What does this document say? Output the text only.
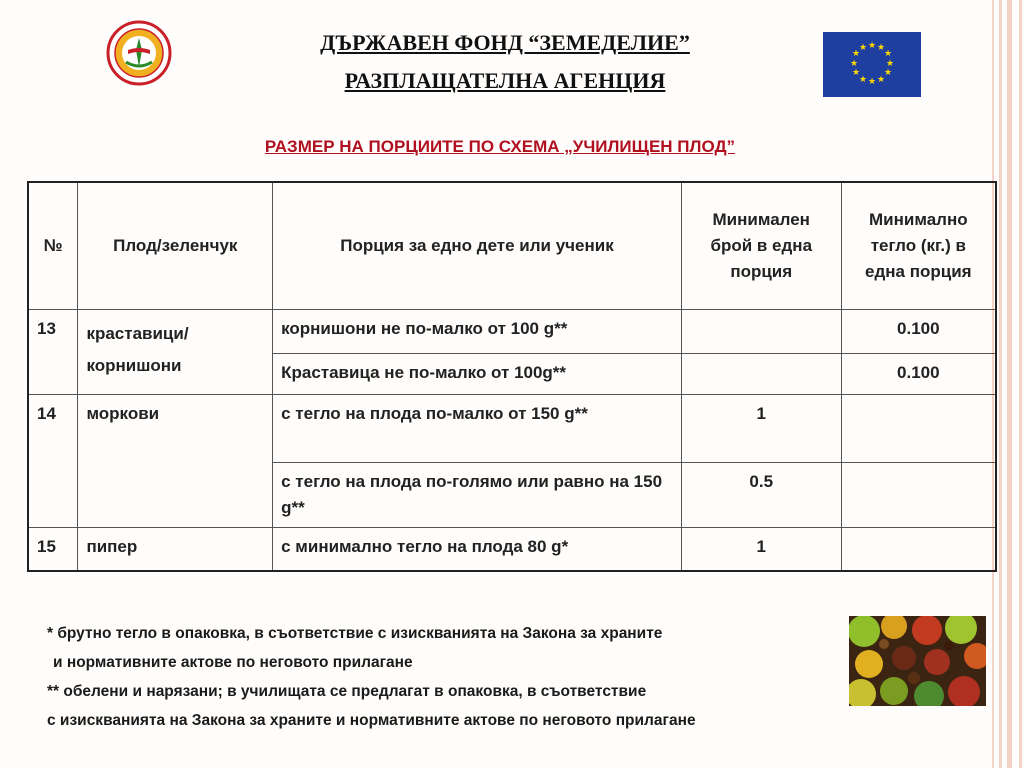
ДЪРЖАВЕН ФОНД “ЗЕМЕДЕЛИЕ”
РАЗПЛАЩАТЕЛНА АГЕНЦИЯ
★ ★
★
★
★
★
★
★
★
★
★
★
РАЗМЕР НА ПОРЦИИТЕ ПО СХЕМА „УЧИЛИЩЕН ПЛОД”
№	Плод/зеленчук	Порция за едно дете или ученик	Минимален брой в една порция	Минимално тегло (кг.) в една порция
13	краставици/ корнишони	корнишони не по-малко от 100 g**		0.100
		Краставица не по-малко от 100g**		0.100
14	моркови	с тегло на плода по-малко от 150 g**	1	
		с тегло на плода по-голямо или равно на 150 g**	0.5	
15	пипер	с минимално тегло на плода 80 g*	1	
* брутно тегло в опаковка, в съответствие с изискванията на Закона за храните
и нормативните актове по неговото прилагане
** обелени и нарязани; в училищата се предлагат в опаковка, в съответствие
с изискванията на Закона за храните и нормативните актове по неговото прилагане
